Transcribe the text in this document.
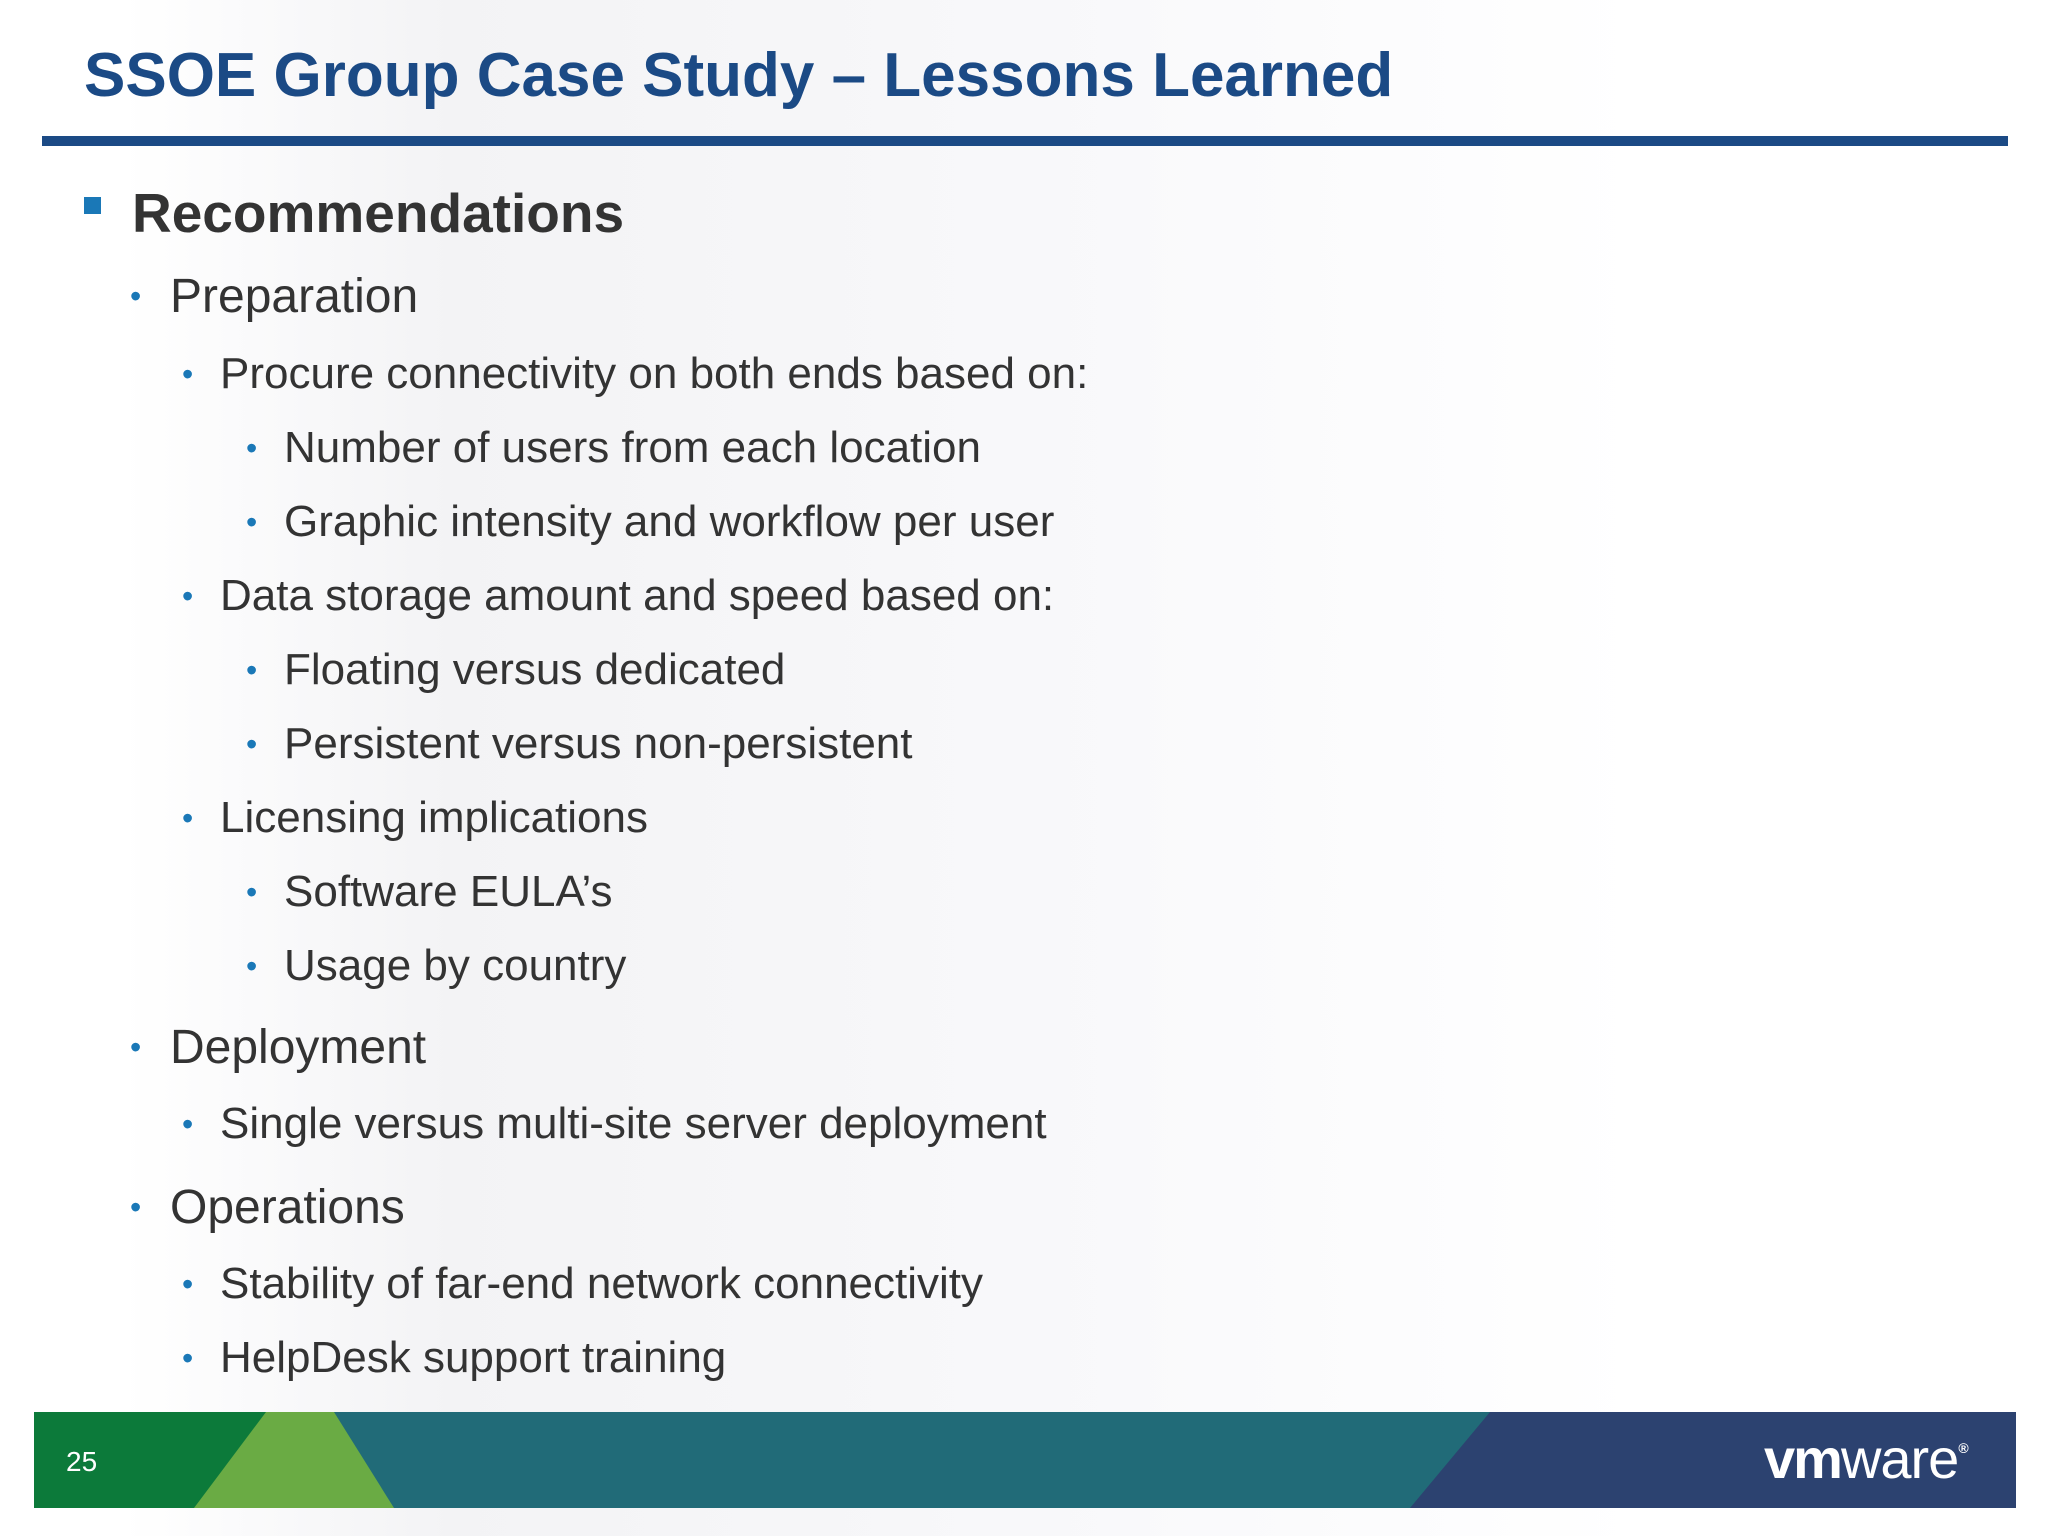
SSOE Group Case Study – Lessons Learned
Recommendations
• Preparation
• Procure connectivity on both ends based on:
• Number of users from each location
• Graphic intensity and workflow per user
• Data storage amount and speed based on:
• Floating versus dedicated
• Persistent versus non-persistent
• Licensing implications
• Software EULA’s
• Usage by country
• Deployment
• Single versus multi-site server deployment
• Operations
• Stability of far-end network connectivity
• HelpDesk support training
25	vmware®
